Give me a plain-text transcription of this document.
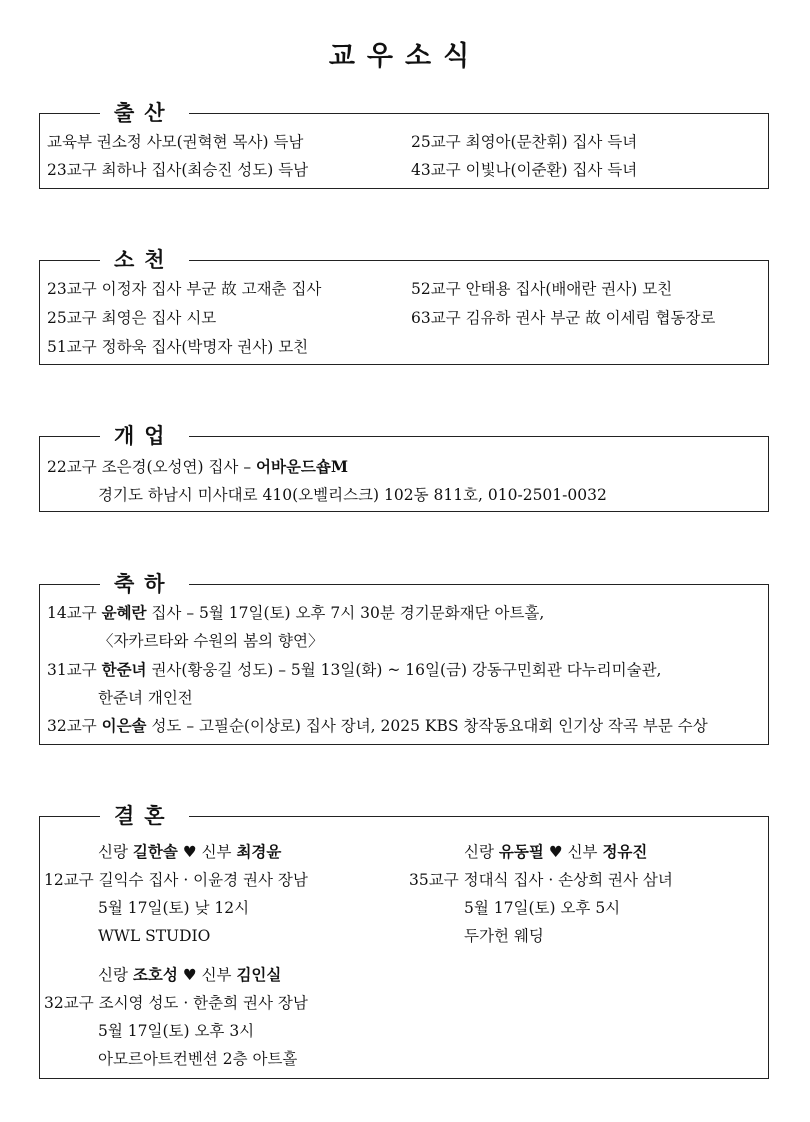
교우소식
출산
교육부 권소정 사모(권혁현 목사) 득남	25교구 최영아(문찬휘) 집사 득녀
23교구 최하나 집사(최승진 성도) 득남	43교구 이빛나(이준환) 집사 득녀
소천
23교구 이정자 집사 부군 故 고재춘 집사	52교구 안태용 집사(배애란 권사) 모친
25교구 최영은 집사 시모	63교구 김유하 권사 부군 故 이세림 협동장로
51교구 정하욱 집사(박명자 권사) 모친
개업
22교구 조은경(오성연) 집사 – 어바운드숍M
경기도 하남시 미사대로 410(오벨리스크) 102동 811호, 010-2501-0032
축하
14교구 윤혜란 집사 – 5월 17일(토) 오후 7시 30분 경기문화재단 아트홀,
〈자카르타와 수원의 봄의 향연〉
31교구 한준녀 권사(황웅길 성도) – 5월 13일(화) ~ 16일(금) 강동구민회관 다누리미술관,
한준녀 개인전
32교구 이은솔 성도 – 고필순(이상로) 집사 장녀, 2025 KBS 창작동요대회 인기상 작곡 부문 수상
결혼
신랑 길한솔 ♥ 신부 최경윤
12교구 길익수 집사 · 이윤경 권사 장남
5월 17일(토) 낮 12시
WWL STUDIO
신랑 유동필 ♥ 신부 정유진
35교구 정대식 집사 · 손상희 권사 삼녀
5월 17일(토) 오후 5시
두가헌 웨딩
신랑 조호성 ♥ 신부 김인실
32교구 조시영 성도 · 한춘희 권사 장남
5월 17일(토) 오후 3시
아모르아트컨벤션 2층 아트홀
